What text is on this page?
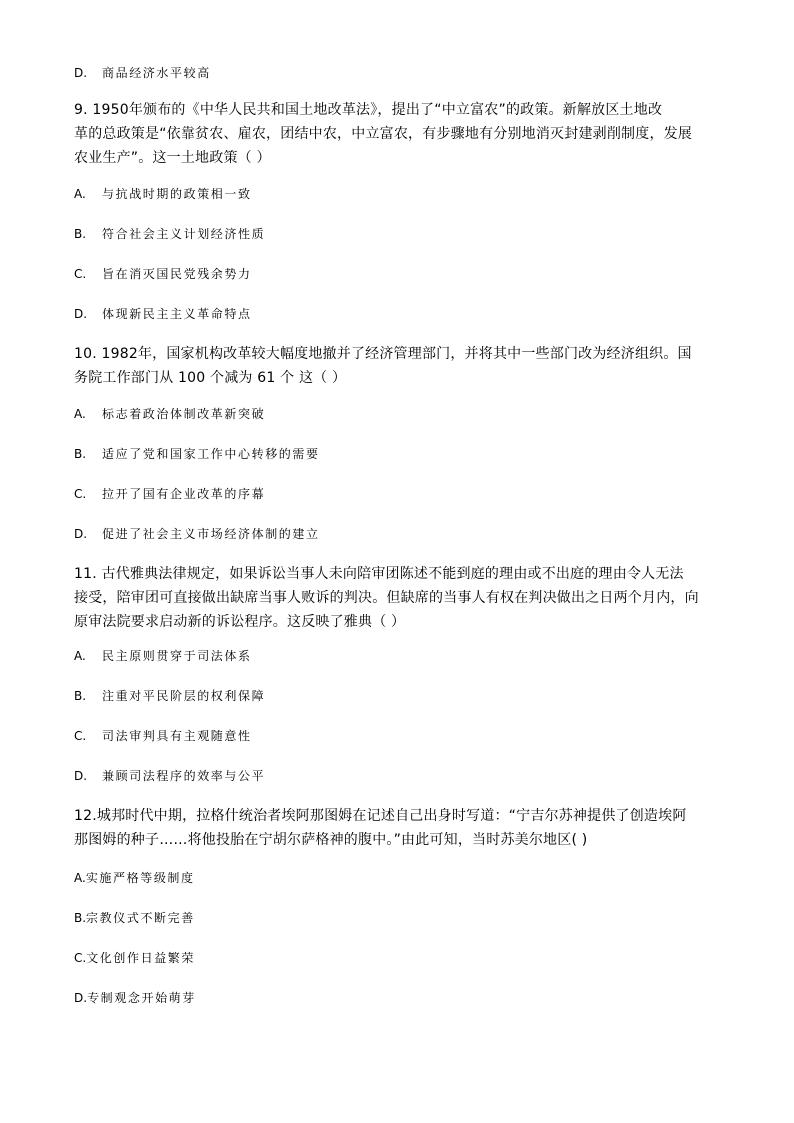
D. 商品经济水平较高

9. 1950年颁布的《中华人民共和国土地改革法》，提出了“中立富农”的政策。新解放区土地改

革的总政策是“依靠贫农、雇农，团结中农，中立富农，有步骤地有分别地消灭封建剥削制度，发展

农业生产”。这一土地政策（ ）

A. 与抗战时期的政策相一致
B. 符合社会主义计划经济性质
C. 旨在消灭国民党残余势力
D. 体现新民主主义革命特点

10. 1982年，国家机构改革较大幅度地撤并了经济管理部门，并将其中一些部门改为经济组织。国

务院工作部门从 100 个减为 61 个 这（ ）

A. 标志着政治体制改革新突破
B. 适应了党和国家工作中心转移的需要
C. 拉开了国有企业改革的序幕
D. 促进了社会主义市场经济体制的建立

11. 古代雅典法律规定，如果诉讼当事人未向陪审团陈述不能到庭的理由或不出庭的理由令人无法

接受，陪审团可直接做出缺席当事人败诉的判决。但缺席的当事人有权在判决做出之日两个月内，向

原审法院要求启动新的诉讼程序。这反映了雅典（ ）

A. 民主原则贯穿于司法体系
B. 注重对平民阶层的权利保障
C. 司法审判具有主观随意性
D. 兼顾司法程序的效率与公平

12.城邦时代中期，拉格什统治者埃阿那图姆在记述自己出身时写道：“宁吉尔苏神提供了创造埃阿

那图姆的种子……将他投胎在宁胡尔萨格神的腹中。”由此可知，当时苏美尔地区( )

A.实施严格等级制度
B.宗教仪式不断完善
C.文化创作日益繁荣
D.专制观念开始萌芽
